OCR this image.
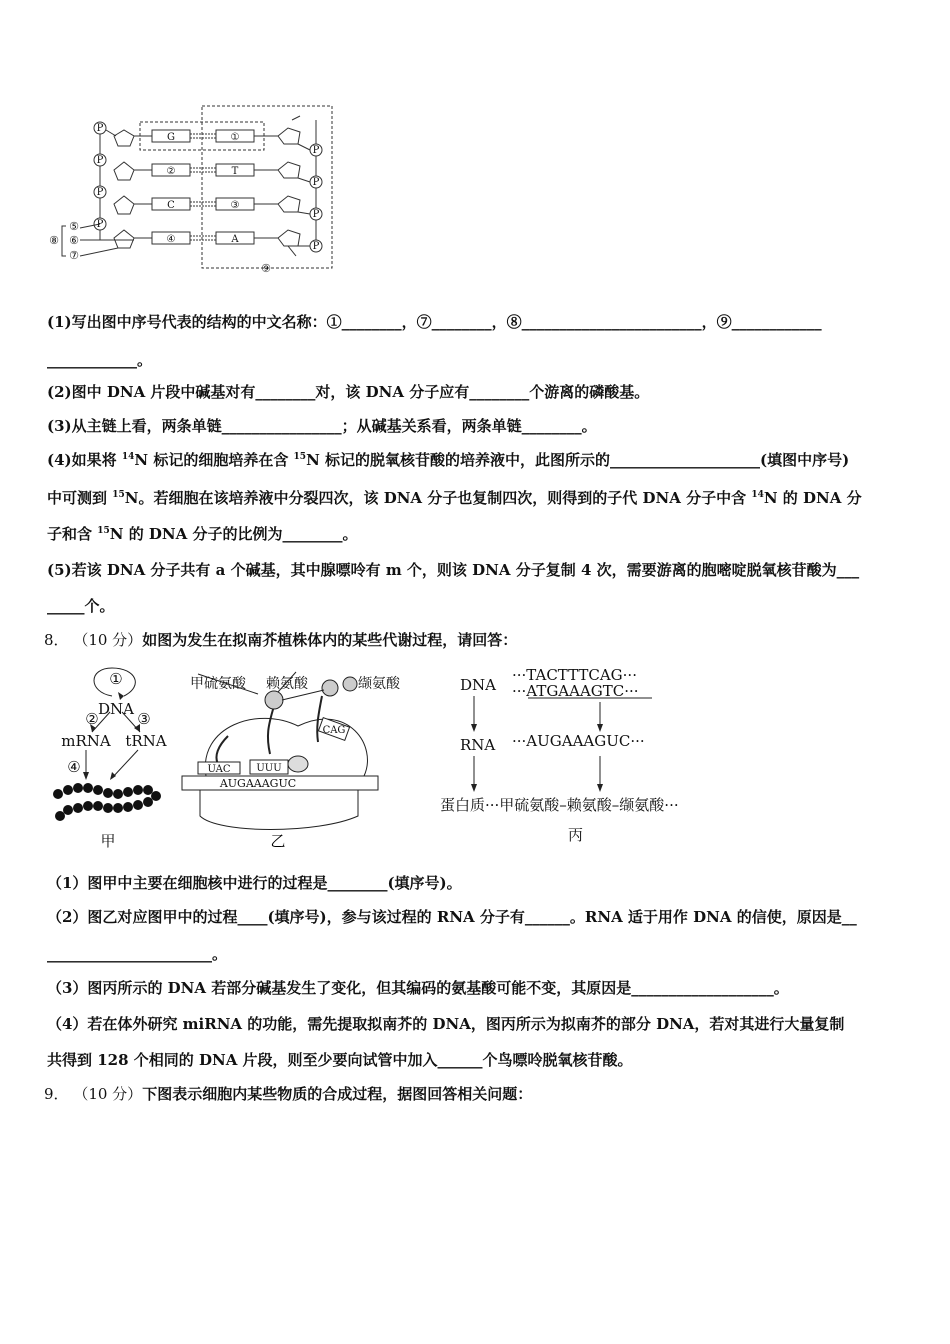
P
P
P
P
P
P
P
P
G
②
C
④
①
T
③
A
⑤
⑥
⑦
⑧
⑨
(1)写出图中序号代表的结构的中文名称：①________，⑦________，⑧________________________，⑨____________
____________。
(2)图中 DNA 片段中碱基对有________对，该 DNA 分子应有________个游离的磷酸基。
(3)从主链上看，两条单链________________；从碱基关系看，两条单链________。
(4)如果将 $^{14}$N 标记的细胞培养在含 $^{15}$N 标记的脱氧核苷酸的培养液中，此图所示的____________________(填图中序号)
中可测到 $^{15}$N。若细胞在该培养液中分裂四次，该 DNA 分子也复制四次，则得到的子代 DNA 分子中含 $^{14}$N 的 DNA 分
子和含 $^{15}$N 的 DNA 分子的比例为________。
(5)若该 DNA 分子共有 a 个碱基，其中腺嘌呤有 m 个，则该 DNA 分子复制 4 次，需要游离的胞嘧啶脱氧核苷酸为___
_____个。
8． （10 分）如图为发生在拟南芥植株体内的某些代谢过程，请回答：
①
DNA
②	③
mRNA tRNA
④
甲
甲硫氨酸 赖氨酸	缬氨酸
UAC	UUU
CAG
AUGAAAGUC
乙
DNA
···TACTTTCAG···
···ATGAAAGTC···
RNA ···AUGAAAGUC···
蛋白质···甲硫氨酸–赖氨酸–缬氨酸···
丙
（1）图甲中主要在细胞核中进行的过程是________(填序号)。
（2）图乙对应图甲中的过程____(填序号)，参与该过程的 RNA 分子有______。RNA 适于用作 DNA 的信使，原因是__
______________________。
（3）图丙所示的 DNA 若部分碱基发生了变化，但其编码的氨基酸可能不变，其原因是___________________。
（4）若在体外研究 miRNA 的功能，需先提取拟南芥的 DNA，图丙所示为拟南芥的部分 DNA，若对其进行大量复制
共得到 128 个相同的 DNA 片段，则至少要向试管中加入______个鸟嘌呤脱氧核苷酸。
9． （10 分）下图表示细胞内某些物质的合成过程，据图回答相关问题：
